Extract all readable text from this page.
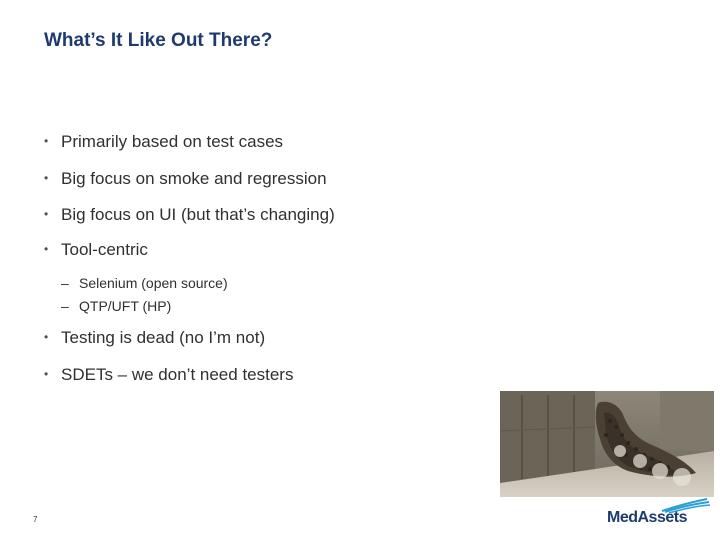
What’s It Like Out There?
• Primarily based on test cases
• Big focus on smoke and regression
• Big focus on UI (but that’s changing)
• Tool-centric
– Selenium (open source)
– QTP/UFT (HP)
• Testing is dead (no I’m not)
• SDETs – we don’t need testers
7	MedAssets
